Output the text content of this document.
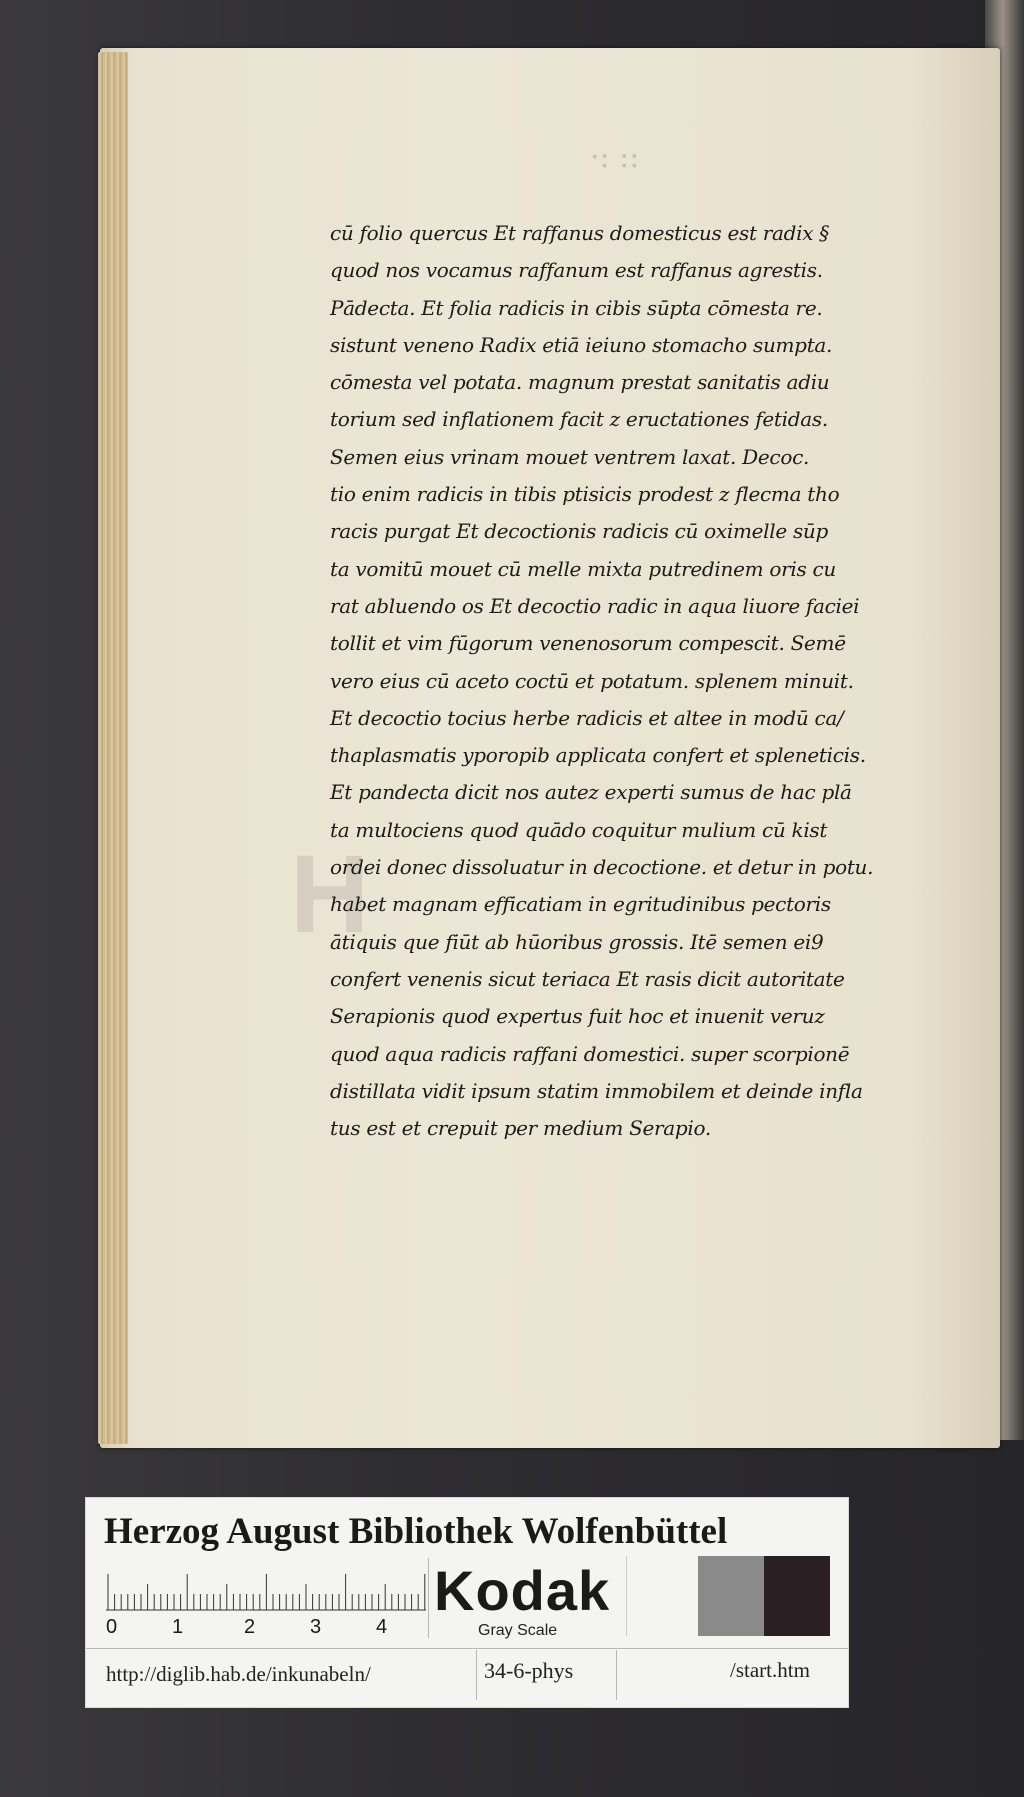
H
·: ::
cū folio quercus Et raffanus domesticus est radix §
quod nos vocamus raffanum est raffanus agrestis.
Pādecta. Et folia radicis in cibis sūpta cōmesta re.
sistunt veneno Radix etiā ieiuno stomacho sumpta.
cōmesta vel potata. magnum prestat sanitatis adiu
torium sed inflationem facit z eructationes fetidas.
Semen eius vrinam mouet ventrem laxat. Decoc.
tio enim radicis in tibis ptisicis prodest z flecma tho
racis purgat Et decoctionis radicis cū oximelle sūp
ta vomitū mouet cū melle mixta putredinem oris cu
rat abluendo os Et decoctio radic in aqua liuore faciei
tollit et vim fūgorum venenosorum compescit. Semē
vero eius cū aceto coctū et potatum. splenem minuit.
Et decoctio tocius herbe radicis et altee in modū ca/
thaplasmatis yporopib applicata confert et spleneticis.
Et pandecta dicit nos autez experti sumus de hac plā
ta multociens quod quādo coquitur mulium cū kist
ordei donec dissoluatur in decoctione. et detur in potu.
habet magnam efficatiam in egritudinibus pectoris
ātiquis que fiūt ab hūoribus grossis. Itē semen ei9
confert venenis sicut teriaca Et rasis dicit autoritate
Serapionis quod expertus fuit hoc et inuenit veruz
quod aqua radicis raffani domestici. super scorpionē
distillata vidit ipsum statim immobilem et deinde infla
tus est et crepuit per medium Serapio.
Herzog August Bibliothek Wolfenbüttel
0	1	2	3	4
Kodak
Gray Scale
http://diglib.hab.de/inkunabeln/	34-6-phys	/start.htm
